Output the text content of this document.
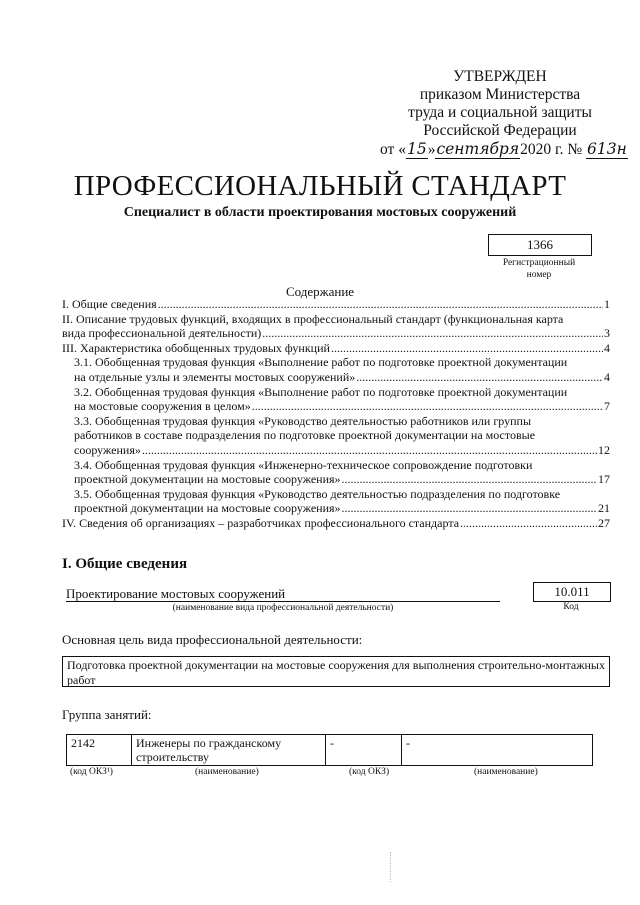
УТВЕРЖДЕН
приказом Министерства
труда и социальной защиты
Российской Федерации
от «15»сентября2020 г. № 613н
ПРОФЕССИОНАЛЬНЫЙ СТАНДАРТ
Специалист в области проектирования мостовых сооружений
1366
Регистрационный
номер
Содержание
I. Общие сведения .....	1
II. Описание трудовых функций, входящих в профессиональный стандарт (функциональная карта
вида профессиональной деятельности) .....	3
III. Характеристика обобщенных трудовых функций .....	4
3.1. Обобщенная трудовая функция «Выполнение работ по подготовке проектной документации
на отдельные узлы и элементы мостовых сооружений» .....	4
3.2. Обобщенная трудовая функция «Выполнение работ по подготовке проектной документации
на мостовые сооружения в целом» .....	7
3.3. Обобщенная трудовая функция «Руководство деятельностью работников или группы
работников в составе подразделения по подготовке проектной документации на мостовые
сооружения» .....	12
3.4. Обобщенная трудовая функция «Инженерно-техническое сопровождение подготовки
проектной документации на мостовые сооружения» .....	17
3.5. Обобщенная трудовая функция «Руководство деятельностью подразделения по подготовке
проектной документации на мостовые сооружения» .....	21
IV. Сведения об организациях – разработчиках профессионального стандарта .....	27
I. Общие сведения
Проектирование мостовых сооружений
(наименование вида профессиональной деятельности)
10.011
Код
Основная цель вида профессиональной деятельности:
Подготовка проектной документации на мостовые сооружения для выполнения строительно-монтажных работ
Группа занятий:
2142	Инженеры по гражданскому строительству	-	-
(код ОКЗ¹)	(наименование)	(код ОКЗ)	(наименование)
